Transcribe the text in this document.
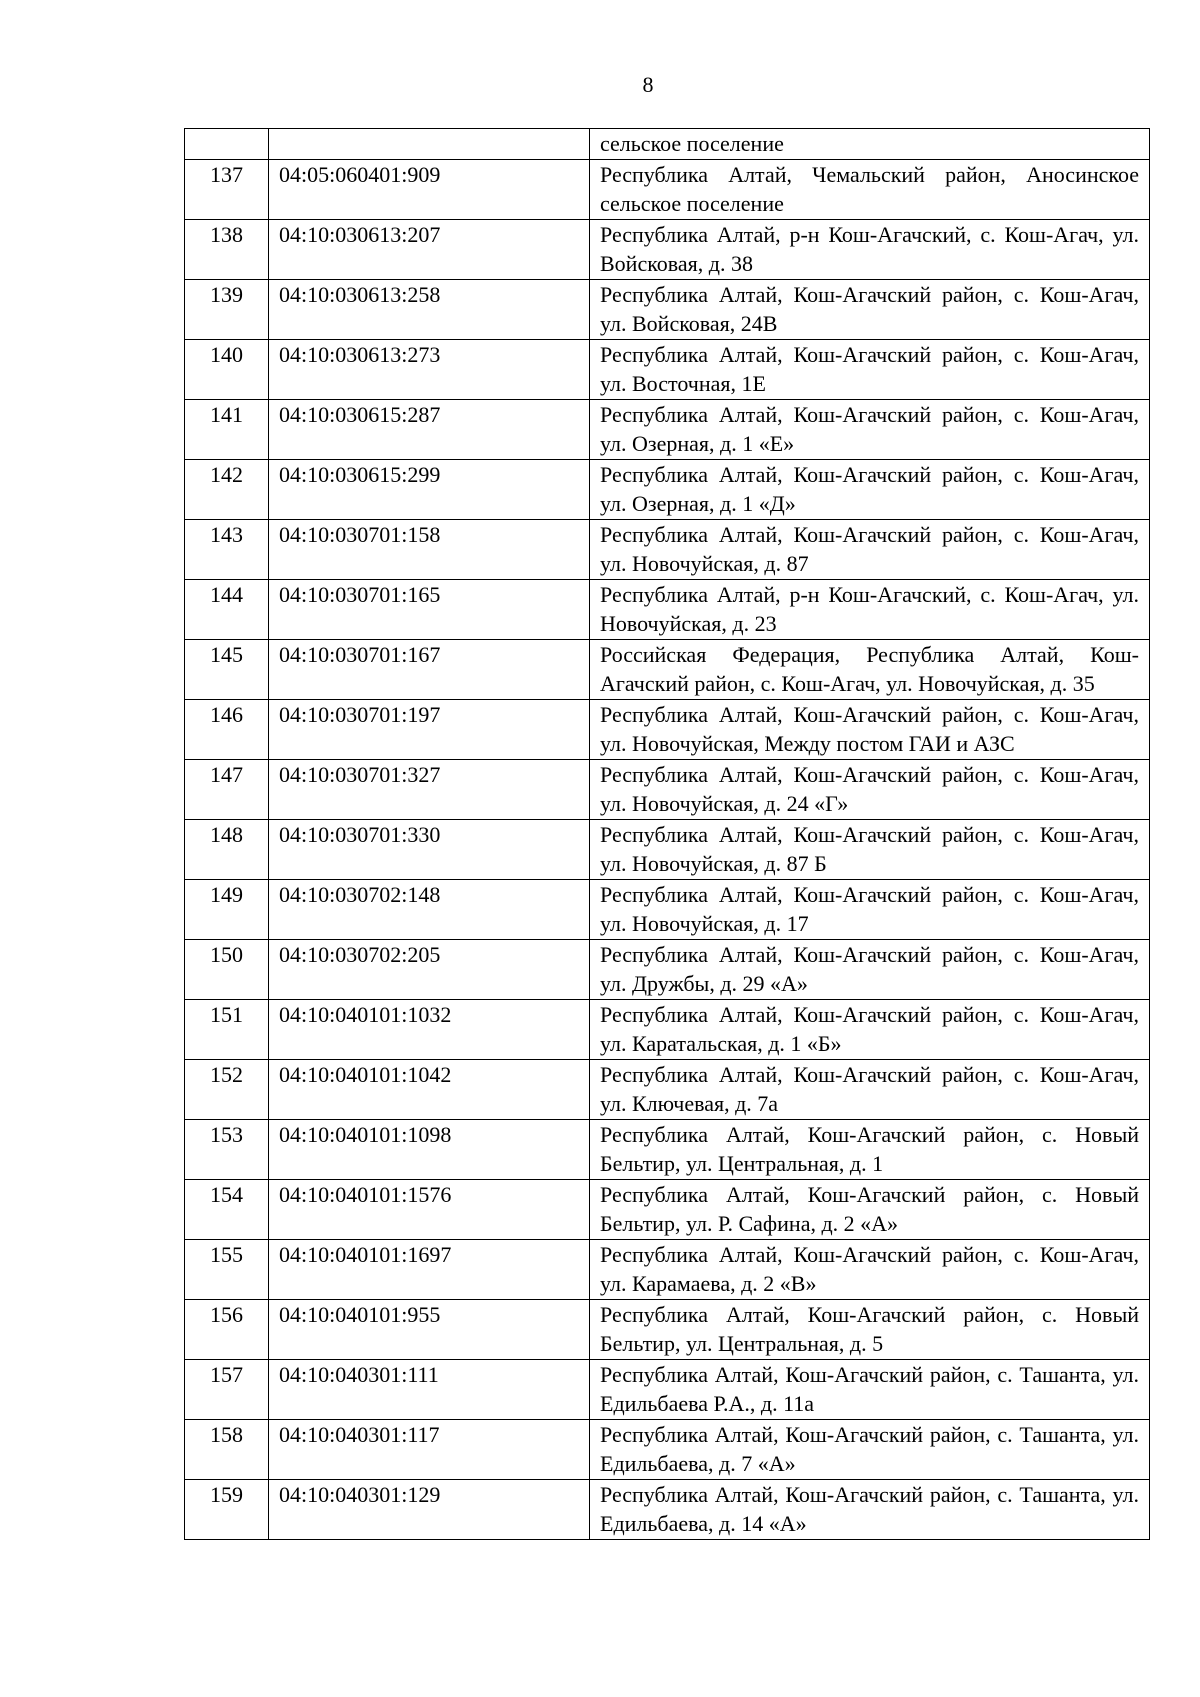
8
		сельское поселение
137	04:05:060401:909	Республика Алтай, Чемальский район, Аносинское сельское поселение
138	04:10:030613:207	Республика Алтай, р-н Кош-Агачский, с. Кош-Агач, ул. Войсковая, д. 38
139	04:10:030613:258	Республика Алтай, Кош-Агачский район, с. Кош-Агач, ул. Войсковая, 24В
140	04:10:030613:273	Республика Алтай, Кош-Агачский район, с. Кош-Агач, ул. Восточная, 1Е
141	04:10:030615:287	Республика Алтай, Кош-Агачский район, с. Кош-Агач, ул. Озерная, д. 1 «Е»
142	04:10:030615:299	Республика Алтай, Кош-Агачский район, с. Кош-Агач, ул. Озерная, д. 1 «Д»
143	04:10:030701:158	Республика Алтай, Кош-Агачский район, с. Кош-Агач, ул. Новочуйская, д. 87
144	04:10:030701:165	Республика Алтай, р-н Кош-Агачский, с. Кош-Агач, ул. Новочуйская, д. 23
145	04:10:030701:167	Российская Федерация, Республика Алтай, Кош-Агачский район, с. Кош-Агач, ул. Новочуйская, д. 35
146	04:10:030701:197	Республика Алтай, Кош-Агачский район, с. Кош-Агач, ул. Новочуйская, Между постом ГАИ и АЗС
147	04:10:030701:327	Республика Алтай, Кош-Агачский район, с. Кош-Агач, ул. Новочуйская, д. 24 «Г»
148	04:10:030701:330	Республика Алтай, Кош-Агачский район, с. Кош-Агач, ул. Новочуйская, д. 87 Б
149	04:10:030702:148	Республика Алтай, Кош-Агачский район, с. Кош-Агач, ул. Новочуйская, д. 17
150	04:10:030702:205	Республика Алтай, Кош-Агачский район, с. Кош-Агач, ул. Дружбы, д. 29 «А»
151	04:10:040101:1032	Республика Алтай, Кош-Агачский район, с. Кош-Агач, ул. Каратальская, д. 1 «Б»
152	04:10:040101:1042	Республика Алтай, Кош-Агачский район, с. Кош-Агач, ул. Ключевая, д. 7а
153	04:10:040101:1098	Республика Алтай, Кош-Агачский район, с. Новый Бельтир, ул. Центральная, д. 1
154	04:10:040101:1576	Республика Алтай, Кош-Агачский район, с. Новый Бельтир, ул. Р. Сафина, д. 2 «А»
155	04:10:040101:1697	Республика Алтай, Кош-Агачский район, с. Кош-Агач, ул. Карамаева, д. 2 «В»
156	04:10:040101:955	Республика Алтай, Кош-Агачский район, с. Новый Бельтир, ул. Центральная, д. 5
157	04:10:040301:111	Республика Алтай, Кош-Агачский район, с. Ташанта, ул. Едильбаева Р.А., д. 11а
158	04:10:040301:117	Республика Алтай, Кош-Агачский район, с. Ташанта, ул. Едильбаева, д. 7 «А»
159	04:10:040301:129	Республика Алтай, Кош-Агачский район, с. Ташанта, ул. Едильбаева, д. 14 «А»
